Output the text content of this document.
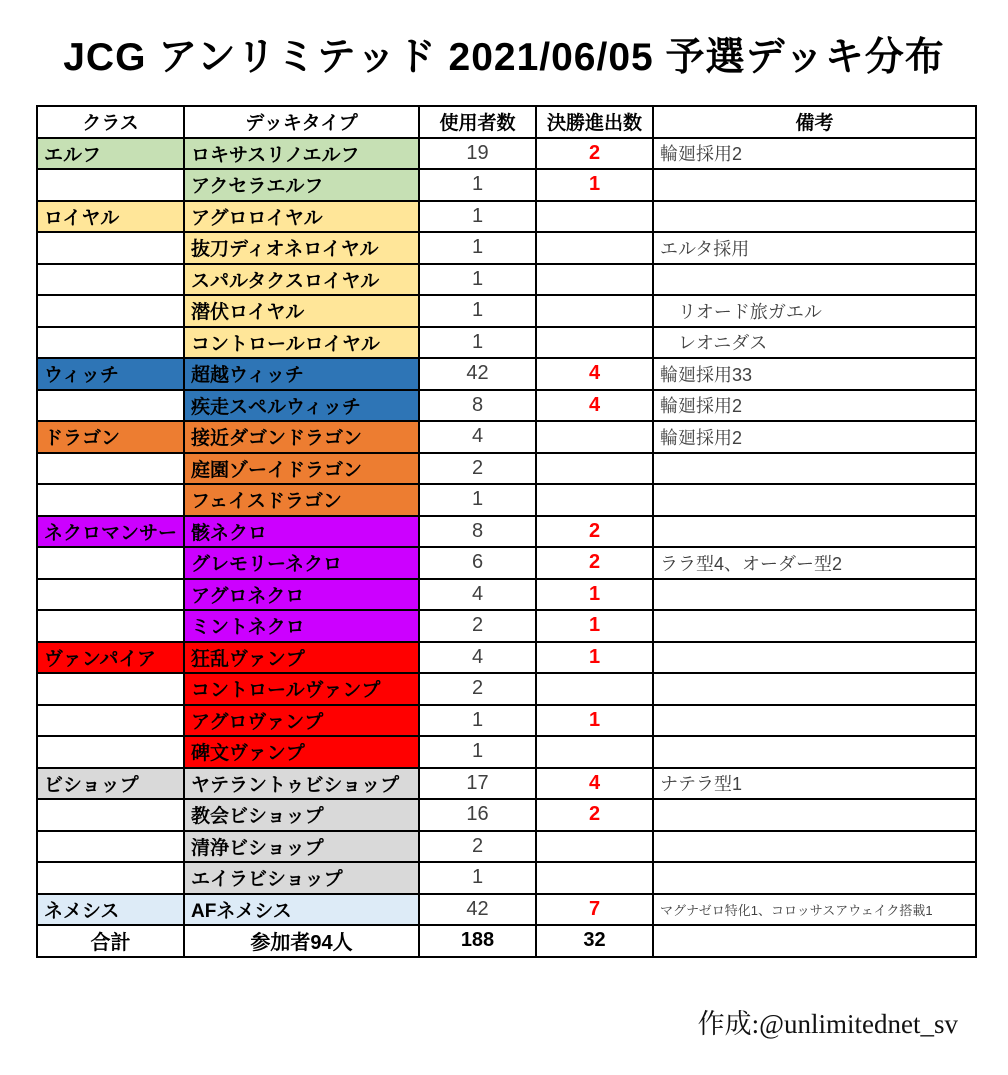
JCG アンリミテッド 2021/06/05 予選デッキ分布
クラス	デッキタイプ	使用者数	決勝進出数	備考
エルフ	ロキサスリノエルフ	19	2	輪廻採用2
	アクセラエルフ	1	1	
ロイヤル	アグロロイヤル	1		
	抜刀ディオネロイヤル	1		エルタ採用
	スパルタクスロイヤル	1		
	潜伏ロイヤル	1		　リオード旅ガエル
	コントロールロイヤル	1		　レオニダス
ウィッチ	超越ウィッチ	42	4	輪廻採用33
	疾走スペルウィッチ	8	4	輪廻採用2
ドラゴン	接近ダゴンドラゴン	4		輪廻採用2
	庭園ゾーイドラゴン	2		
	フェイスドラゴン	1		
ネクロマンサー	骸ネクロ	8	2	
	グレモリーネクロ	6	2	ララ型4、オーダー型2
	アグロネクロ	4	1	
	ミントネクロ	2	1	
ヴァンパイア	狂乱ヴァンプ	4	1	
	コントロールヴァンプ	2		
	アグロヴァンプ	1	1	
	碑文ヴァンプ	1		
ビショップ	ヤテラントゥビショップ	17	4	ナテラ型1
	教会ビショップ	16	2	
	清浄ビショップ	2		
	エイラビショップ	1		
ネメシス	AFネメシス	42	7	マグナゼロ特化1、コロッサスアウェイク搭載1
合計	参加者94人	188	32	
作成:@unlimitednet_sv
